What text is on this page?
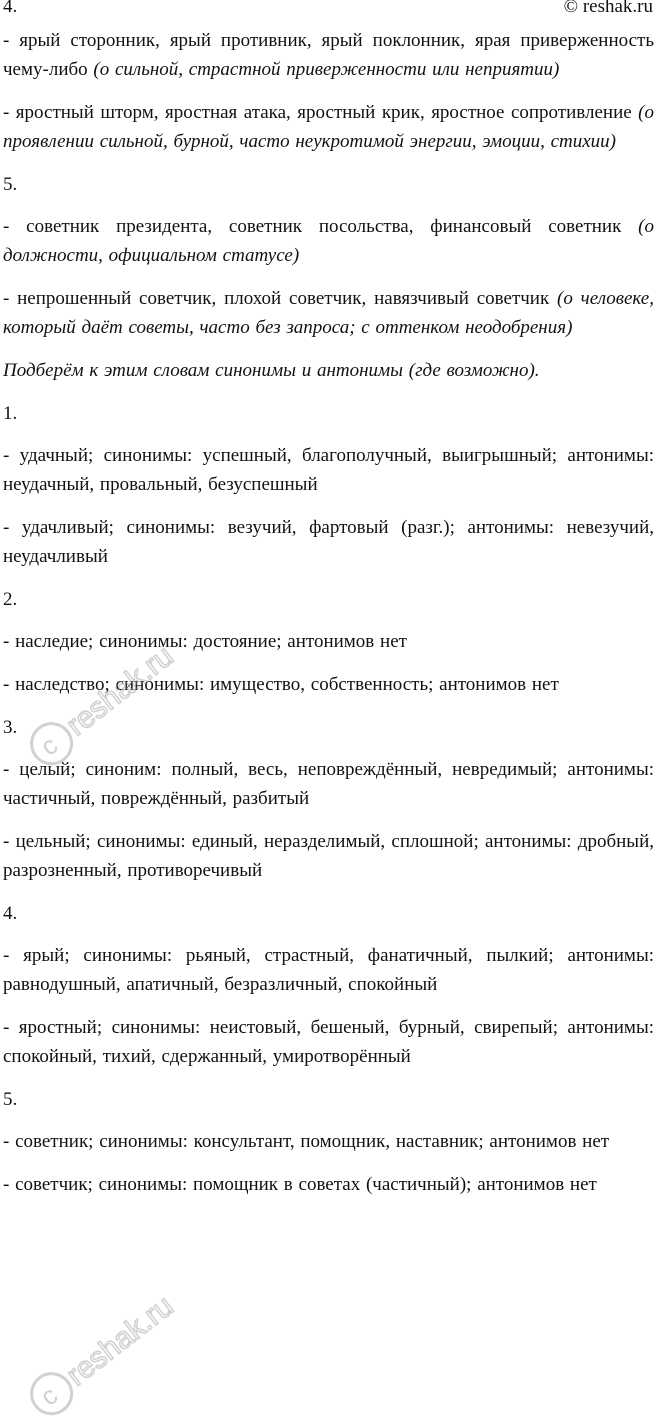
4.	© reshak.ru
- ярый сторонник, ярый противник, ярый поклонник, ярая приверженность чему-либо (о сильной, страстной приверженности или неприятии)
- яростный шторм, яростная атака, яростный крик, яростное сопротивление (о проявлении сильной, бурной, часто неукротимой энергии, эмоции, стихии)
5.
- советник президента, советник посольства, финансовый советник (о должности, официальном статусе)
- непрошенный советчик, плохой советчик, навязчивый советчик (о человеке, который даёт советы, часто без запроса; с оттенком неодобрения)
Подберём к этим словам синонимы и антонимы (где возможно).
1.
- удачный; синонимы: успешный, благополучный, выигрышный; антонимы: неудачный, провальный, безуспешный
- удачливый; синонимы: везучий, фартовый (разг.); антонимы: невезучий, неудачливый
2.
- наследие; синонимы: достояние; антонимов нет
- наследство; синонимы: имущество, собственность; антонимов нет
3.
- целый; синоним: полный, весь, неповреждённый, невредимый; антонимы: частичный, повреждённый, разбитый
- цельный; синонимы: единый, неразделимый, сплошной; антонимы: дробный, разрозненный, противоречивый
4.
- ярый; синонимы: рьяный, страстный, фанатичный, пылкий; антонимы: равнодушный, апатичный, безразличный, спокойный
- яростный; синонимы: неистовый, бешеный, бурный, свирепый; антонимы: спокойный, тихий, сдержанный, умиротворённый
5.
- советник; синонимы: консультант, помощник, наставник; антонимов нет
- советчик; синонимы: помощник в советах (частичный); антонимов нет
c
reshak.ru
c
reshak.ru
